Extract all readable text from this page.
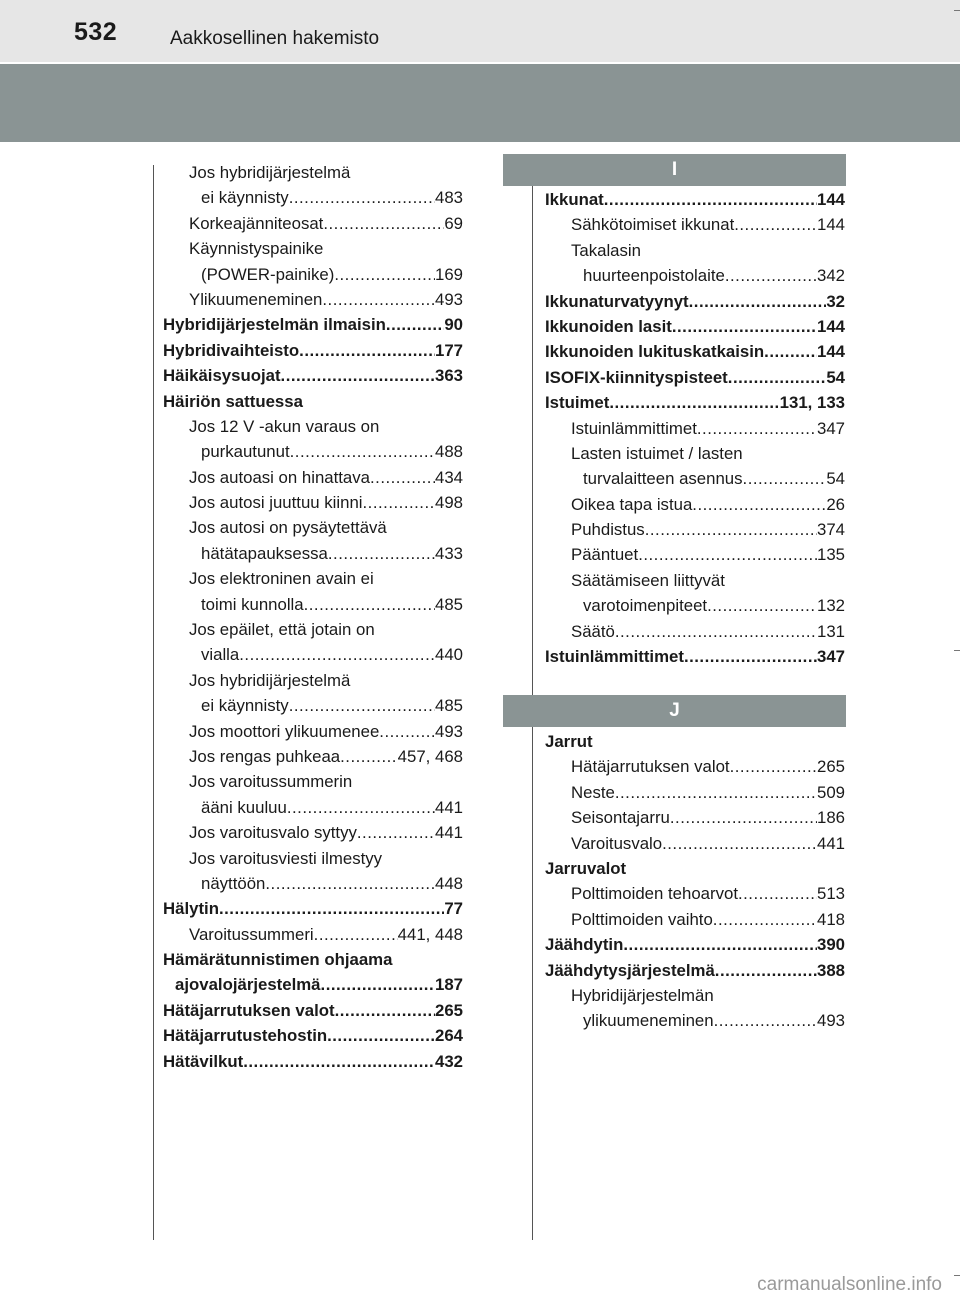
532	Aakkosellinen hakemisto
Jos hybridijärjestelmä
ei käynnisty .....	483
Korkeajänniteosat .....	69
Käynnistyspainike
(POWER-painike) .....	169
Ylikuumeneminen .....	493
Hybridijärjestelmän ilmaisin .....	90
Hybridivaihteisto .....	177
Häikäisysuojat .....	363
Häiriön sattuessa
Jos 12 V -akun varaus on
purkautunut .....	488
Jos autoasi on hinattava .....	434
Jos autosi juuttuu kiinni .....	498
Jos autosi on pysäytettävä
hätätapauksessa .....	433
Jos elektroninen avain ei
toimi kunnolla .....	485
Jos epäilet, että jotain on
vialla .....	440
Jos hybridijärjestelmä
ei käynnisty .....	485
Jos moottori ylikuumenee .....	493
Jos rengas puhkeaa .....	457, 468
Jos varoitussummerin
ääni kuuluu .....	441
Jos varoitusvalo syttyy .....	441
Jos varoitusviesti ilmestyy
näyttöön .....	448
Hälytin .....	77
Varoitussummeri .....	441, 448
Hämärätunnistimen ohjaama
ajovalojärjestelmä .....	187
Hätäjarrutuksen valot .....	265
Hätäjarrutustehostin .....	264
Hätävilkut .....	432
I
Ikkunat .....	144
Sähkötoimiset ikkunat .....	144
Takalasin
huurteenpoistolaite .....	342
Ikkunaturvatyynyt .....	32
Ikkunoiden lasit .....	144
Ikkunoiden lukituskatkaisin .....	144
ISOFIX-kiinnityspisteet .....	54
Istuimet .....	131, 133
Istuinlämmittimet .....	347
Lasten istuimet / lasten
turvalaitteen asennus .....	54
Oikea tapa istua .....	26
Puhdistus .....	374
Pääntuet .....	135
Säätämiseen liittyvät
varotoimenpiteet .....	132
Säätö .....	131
Istuinlämmittimet .....	347
J
Jarrut
Hätäjarrutuksen valot .....	265
Neste .....	509
Seisontajarru .....	186
Varoitusvalo .....	441
Jarruvalot
Polttimoiden tehoarvot .....	513
Polttimoiden vaihto .....	418
Jäähdytin .....	390
Jäähdytysjärjestelmä .....	388
Hybridijärjestelmän
ylikuumeneminen .....	493
carmanualsonline.info
